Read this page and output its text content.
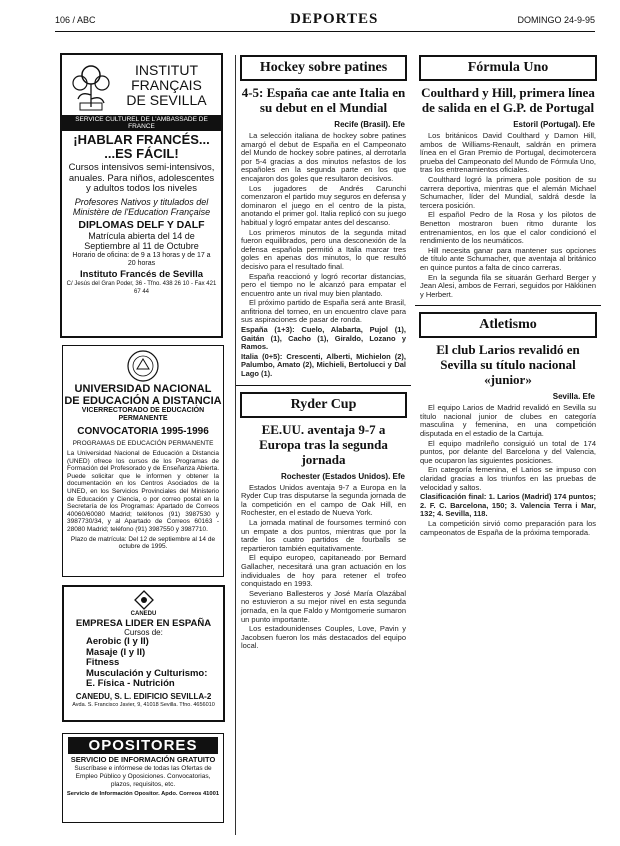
106 / ABC	DEPORTES	DOMINGO 24-9-95
INSTITUT
FRANÇAIS
DE SEVILLA
SERVICE CULTUREL DE L'AMBASSADE DE FRANCE
¡HABLAR FRANCÉS...
...ES FÁCIL!
Cursos intensivos semi-intensivos, anuales. Para niños, adolescentes y adultos todos los niveles
Profesores Nativos y titulados del Ministère de l'Education Française
DIPLOMAS DELF Y DALF
Matrícula abierta del 14 de Septiembre al 11 de Octubre
Horario de oficina: de 9 a 13 horas y de 17 a 20 horas
Instituto Francés de Sevilla
C/ Jesús del Gran Poder, 36 - Tfno. 438 26 10 - Fax 421 67 44
UNIVERSIDAD NACIONAL
DE EDUCACIÓN A DISTANCIA
VICERRECTORADO DE EDUCACIÓN PERMANENTE
CONVOCATORIA 1995-1996
PROGRAMAS DE EDUCACIÓN PERMANENTE
La Universidad Nacional de Educación a Distancia (UNED) ofrece los cursos de los Programas de Formación del Profesorado y de Enseñanza Abierta. Puede solicitar que le informen y obtener la documentación en los Centros Asociados de la UNED, en los Servicios Provinciales del Ministerio de Educación y Ciencia, o por correo postal en la Secretaría de los Programas: Apartado de Correos 40060/60080 Madrid; teléfonos (91) 3987530 y 3987730/34, y al Apartado de Correos 60163 - 28080 Madrid; teléfono (91) 3987550 y 3987710.
Plazo de matrícula: Del 12 de septiembre al 14 de octubre de 1995.
CANEDU
EMPRESA LIDER EN ESPAÑA
Cursos de:
Aerobic (I y II)
Masaje (I y II)
Fitness
Musculación y Culturismo:
E. Física - Nutrición
CANEDU, S. L. EDIFICIO SEVILLA-2
Avda. S. Francisco Javier, 9, 41018 Sevilla. Tfno. 4656010
OPOSITORES
SERVICIO DE INFORMACIÓN GRATUITO
Suscríbase e infórmese de todas las Ofertas de Empleo Público y Oposiciones. Convocatorias, plazos, requisitos, etc.
Servicio de Información Opositor. Apdo. Correos 41001
Hockey sobre patines
4-5: España cae ante Italia en su debut en el Mundial
Recife (Brasil). Efe

La selección italiana de hockey sobre patines amargó el debut de España en el Campeonato del Mundo de hockey sobre patines, al derrotarla por 5-4 gracias a dos minutos nefastos de los españoles en la segunda parte en los que encajaron dos goles que resultaron decisivos.

Los jugadores de Andrés Carunchi comenzaron el partido muy seguros en defensa y dominaron el juego en el centro de la pista, anotando el primer gol. Italia replicó con su juego habitual y logró empatar antes del descanso.

Los primeros minutos de la segunda mitad fueron equilibrados, pero una desconexión de la defensa española permitió a Italia marcar tres goles en apenas dos minutos, lo que resultó decisivo para el resultado final.

España reaccionó y logró recortar distancias, pero el tiempo no le alcanzó para empatar el encuentro ante un rival muy bien plantado.

El próximo partido de España será ante Brasil, anfitriona del torneo, en un encuentro clave para sus aspiraciones de pasar de ronda.

España (1+3): Cuelo, Alabarta, Pujol (1), Gaitán (1), Cacho (1), Giraldo, Lozano y Ramos.

Italia (0+5): Crescenti, Alberti, Michielon (2), Palumbo, Amato (2), Michieli, Bertolucci y Dal Lago (1).

Ryder Cup
EE.UU. aventaja 9-7 a Europa tras la segunda jornada
Rochester (Estados Unidos). Efe

Estados Unidos aventaja 9-7 a Europa en la Ryder Cup tras disputarse la segunda jornada de la competición en el campo de Oak Hill, en Rochester, en el estado de Nueva York.

La jornada matinal de foursomes terminó con un empate a dos puntos, mientras que por la tarde los cuatro partidos de fourballs se repartieron también equitativamente.

El equipo europeo, capitaneado por Bernard Gallacher, necesitará una gran actuación en los individuales de hoy para retener el trofeo conquistado en 1993.

Severiano Ballesteros y José María Olazábal no estuvieron a su mejor nivel en esta segunda jornada, en la que Faldo y Montgomerie sumaron un punto importante.

Los estadounidenses Couples, Love, Pavin y Jacobsen fueron los más destacados del equipo local.

Fórmula Uno
Coulthard y Hill, primera línea de salida en el G.P. de Portugal
Estoril (Portugal). Efe

Los británicos David Coulthard y Damon Hill, ambos de Williams-Renault, saldrán en primera línea en el Gran Premio de Portugal, decimotercera prueba del Campeonato del Mundo de Fórmula Uno, tras los entrenamientos oficiales.

Coulthard logró la primera pole position de su carrera deportiva, mientras que el alemán Michael Schumacher, líder del Mundial, saldrá desde la tercera posición.

El español Pedro de la Rosa y los pilotos de Benetton mostraron buen ritmo durante los entrenamientos, en los que el calor condicionó el rendimiento de los neumáticos.

Hill necesita ganar para mantener sus opciones de título ante Schumacher, que aventaja al británico en quince puntos a falta de cinco carreras.

En la segunda fila se situarán Gerhard Berger y Jean Alesi, ambos de Ferrari, seguidos por Häkkinen y Herbert.

Atletismo
El club Larios revalidó en Sevilla su título nacional «junior»
Sevilla. Efe

El equipo Larios de Madrid revalidó en Sevilla su título nacional junior de clubes en categoría masculina y femenina, en una competición disputada en el estadio de la Cartuja.

El equipo madrileño consiguió un total de 174 puntos, por delante del Barcelona y del Valencia, que ocuparon las siguientes posiciones.

En categoría femenina, el Larios se impuso con claridad gracias a los triunfos en las pruebas de velocidad y saltos.

Clasificación final: 1. Larios (Madrid) 174 puntos; 2. F. C. Barcelona, 150; 3. Valencia Terra i Mar, 132; 4. Sevilla, 118.

La competición sirvió como preparación para los campeonatos de España de la próxima temporada.
